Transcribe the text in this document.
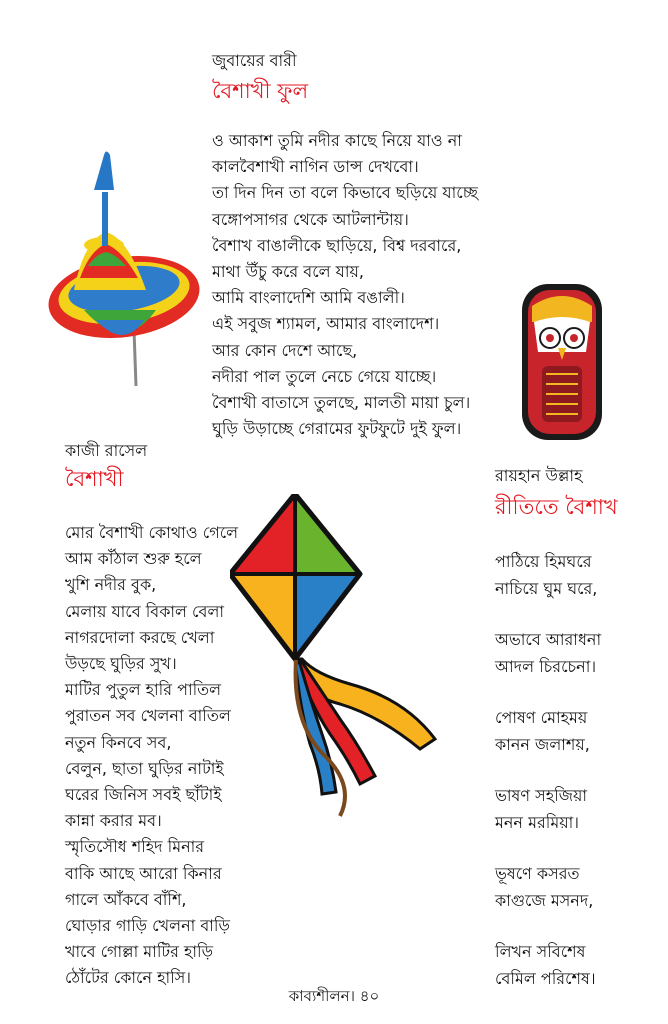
জুবায়ের বারী
বৈশাখী ফুল
ও আকাশ তুমি নদীর কাছে নিয়ে যাও না
কালবৈশাখী নাগিন ডান্স দেখবো।
তা দিন দিন তা বলে কিভাবে ছড়িয়ে যাচ্ছে
বঙ্গোপসাগর থেকে আটলান্টায়।
বৈশাখ বাঙালীকে ছাড়িয়ে, বিশ্ব দরবারে,
মাথা উঁচু করে বলে যায়,
আমি বাংলাদেশি আমি বঙালী।
এই সবুজ শ্যামল, আমার বাংলাদেশ।
আর কোন দেশে আছে,
নদীরা পাল তুলে নেচে গেয়ে যাচ্ছে।
বৈশাখী বাতাসে তুলছে, মালতী মায়া চুল।
ঘুড়ি উড়াচ্ছে গেরামের ফুটফুটে দুই ফুল।
কাজী রাসেল
বৈশাখী
মোর বৈশাখী কোথাও গেলে
আম কাঁঠাল শুরু হলে
খুশি নদীর বুক,
মেলায় যাবে বিকাল বেলা
নাগরদোলা করছে খেলা
উড়ছে ঘুড়ির সুখ।
মাটির পুতুল হারি পাতিল
পুরাতন সব খেলনা বাতিল
নতুন কিনবে সব,
বেলুন, ছাতা ঘুড়ির নাটাই
ঘরের জিনিস সবই ছাঁটাই
কান্না করার মব।
স্মৃতিসৌধ শহিদ মিনার
বাকি আছে আরো কিনার
গালে আঁকবে বাঁশি,
ঘোড়ার গাড়ি খেলনা বাড়ি
খাবে গোল্লা মাটির হাড়ি
ঠোঁটের কোনে হাসি।
রায়হান উল্লাহ
রীতিতে বৈশাখ
পাঠিয়ে হিমঘরে
নাচিয়ে ঘুম ঘরে,
অভাবে আরাধনা
আদল চিরচেনা।
পোষণ মোহময়
কানন জলাশয়,
ভাষণ সহজিয়া
মনন মরমিয়া।
ভূষণে কসরত
কাগুজে মসনদ,
লিখন সবিশেষ
বেমিল পরিশেষ।
কাব্যশীলন। ৪০
